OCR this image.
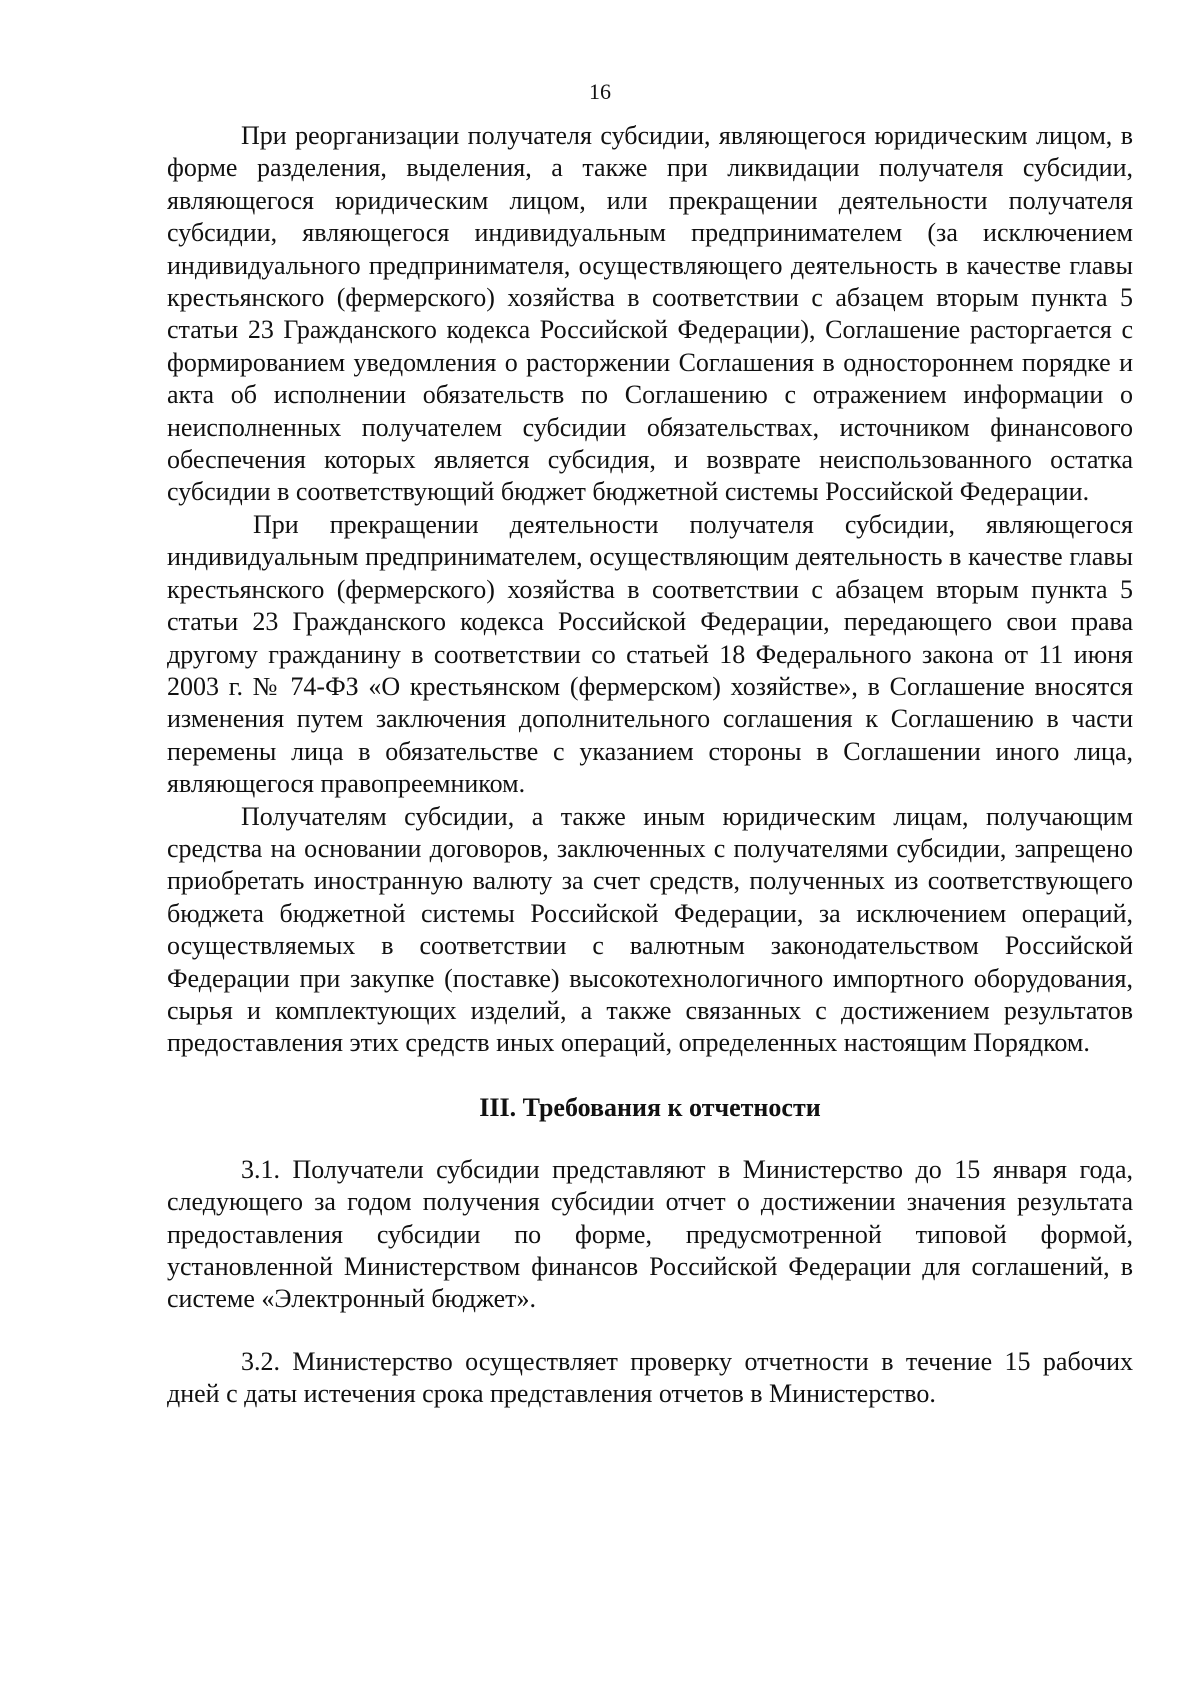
16

При реорганизации получателя субсидии, являющегося юридическим лицом, в форме разделения, выделения, а также при ликвидации получателя субсидии, являющегося юридическим лицом, или прекращении деятельности получателя субсидии, являющегося индивидуальным предпринимателем (за исключением индивидуального предпринимателя, осуществляющего деятельность в качестве главы крестьянского (фермерского) хозяйства в соответствии с абзацем вторым пункта 5 статьи 23 Гражданского кодекса Российской Федерации), Соглашение расторгается с формированием уведомления о расторжении Соглашения в одностороннем порядке и акта об исполнении обязательств по Соглашению с отражением информации о неисполненных получателем субсидии обязательствах, источником финансового обеспечения которых является субсидия, и возврате неиспользованного остатка субсидии в соответствующий бюджет бюджетной системы Российской Федерации.

При прекращении деятельности получателя субсидии, являющегося индивидуальным предпринимателем, осуществляющим деятельность в качестве главы крестьянского (фермерского) хозяйства в соответствии с абзацем вторым пункта 5 статьи 23 Гражданского кодекса Российской Федерации, передающего свои права другому гражданину в соответствии со статьей 18 Федерального закона от 11 июня 2003 г. № 74-ФЗ «О крестьянском (фермерском) хозяйстве», в Соглашение вносятся изменения путем заключения дополнительного соглашения к Соглашению в части перемены лица в обязательстве с указанием стороны в Соглашении иного лица, являющегося правопреемником.

Получателям субсидии, а также иным юридическим лицам, получающим средства на основании договоров, заключенных с получателями субсидии, запрещено приобретать иностранную валюту за счет средств, полученных из соответствующего бюджета бюджетной системы Российской Федерации, за исключением операций, осуществляемых в соответствии с валютным законодательством Российской Федерации при закупке (поставке) высокотехнологичного импортного оборудования, сырья и комплектующих изделий, а также связанных с достижением результатов предоставления этих средств иных операций, определенных настоящим Порядком.

III. Требования к отчетности

3.1. Получатели субсидии представляют в Министерство до 15 января года, следующего за годом получения субсидии отчет о достижении значения результата предоставления субсидии по форме, предусмотренной типовой формой, установленной Министерством финансов Российской Федерации для соглашений, в системе «Электронный бюджет».

3.2. Министерство осуществляет проверку отчетности в течение 15 рабочих дней с даты истечения срока представления отчетов в Министерство.
